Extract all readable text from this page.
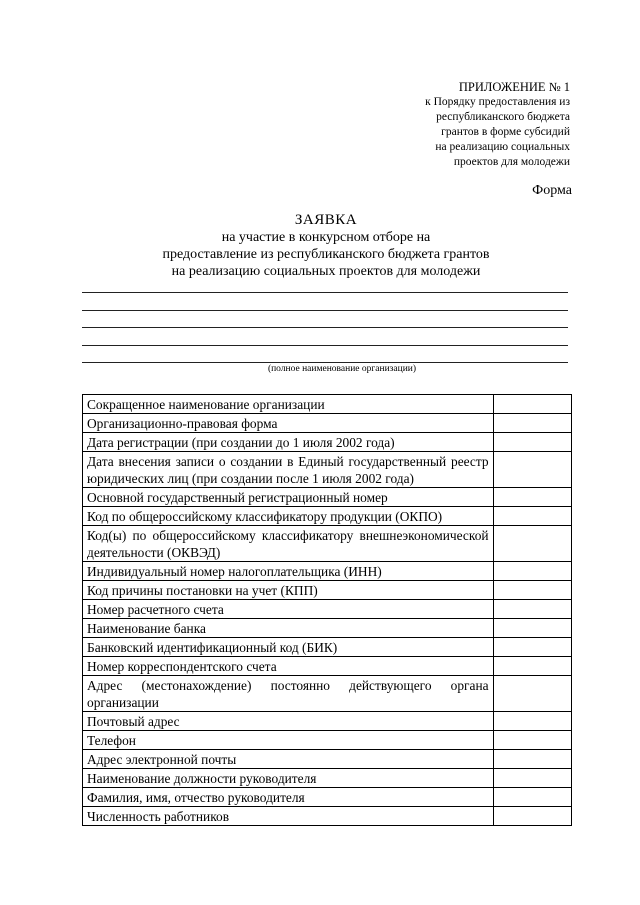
ПРИЛОЖЕНИЕ № 1
к Порядку предоставления из
республиканского бюджета
грантов в форме субсидий
на реализацию социальных
проектов для молодежи
Форма
ЗАЯВКА
на участие в конкурсном отборе на
предоставление из республиканского бюджета грантов
на реализацию социальных проектов для молодежи
(полное наименование организации)
Сокращенное наименование организации	
Организационно-правовая форма	
Дата регистрации (при создании до 1 июля 2002 года)	
Дата внесения записи о создании в Единый государственный реестр юридических лиц (при создании после 1 июля 2002 года)	
Основной государственный регистрационный номер	
Код по общероссийскому классификатору продукции (ОКПО)	
Код(ы) по общероссийскому классификатору внешнеэкономической деятельности (ОКВЭД)	
Индивидуальный номер налогоплательщика (ИНН)	
Код причины постановки на учет (КПП)	
Номер расчетного счета	
Наименование банка	
Банковский идентификационный код (БИК)	
Номер корреспондентского счета	
Адрес (местонахождение) постоянно действующего органа организации	
Почтовый адрес	
Телефон	
Адрес электронной почты	
Наименование должности руководителя	
Фамилия, имя, отчество руководителя	
Численность работников	
